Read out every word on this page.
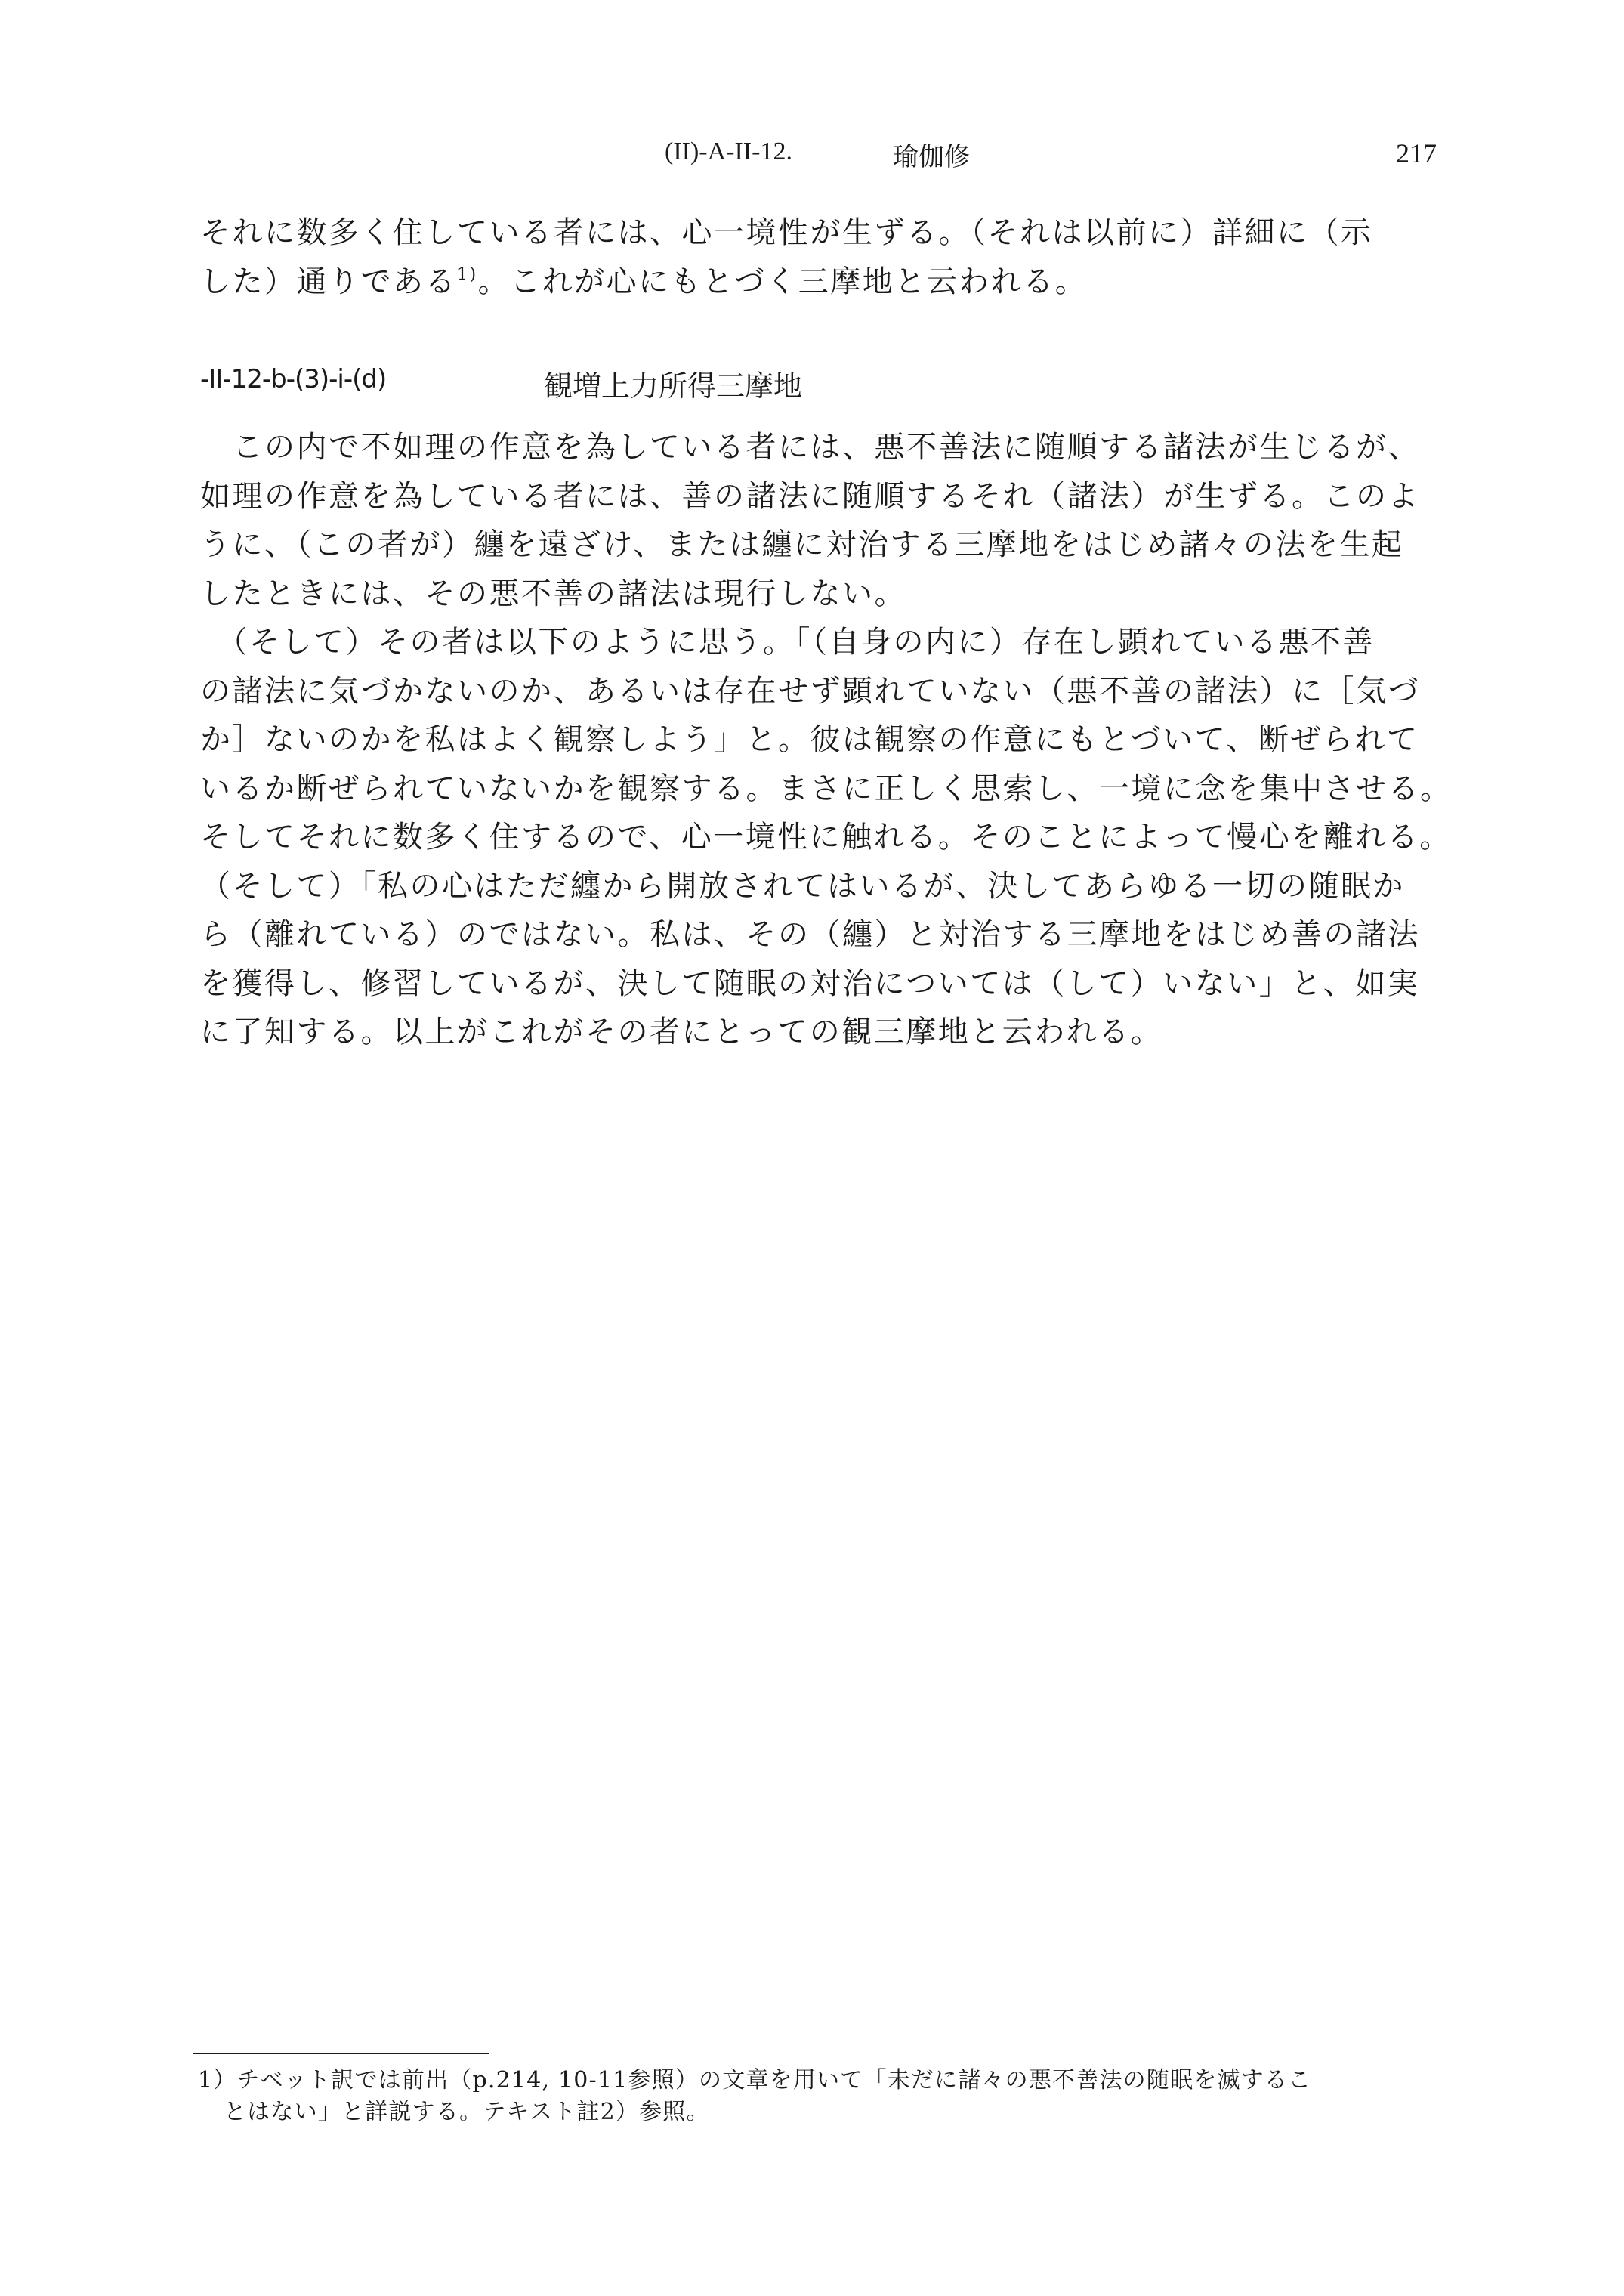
(II)-A-II-12.	瑜伽修	217
それに数多く住している者には、心一境性が生ずる。（それは以前に）詳細に（示
した）通りである$^{1)}$。これが心にもとづく三摩地と云われる。
-II-12-b-(3)-i-(d)	観増上力所得三摩地
　この内で不如理の作意を為している者には、悪不善法に随順する諸法が生じるが、
如理の作意を為している者には、善の諸法に随順するそれ（諸法）が生ずる。このよ
うに、（この者が）纏を遠ざけ、または纏に対治する三摩地をはじめ諸々の法を生起
したときには、その悪不善の諸法は現行しない。
　（そして）その者は以下のように思う。「（自身の内に）存在し顕れている悪不善
の諸法に気づかないのか、あるいは存在せず顕れていない（悪不善の諸法）に［気づ
か］ないのかを私はよく観察しよう」と。彼は観察の作意にもとづいて、断ぜられて
いるか断ぜられていないかを観察する。まさに正しく思索し、一境に念を集中させる。
そしてそれに数多く住するので、心一境性に触れる。そのことによって慢心を離れる。
（そして）「私の心はただ纏から開放されてはいるが、決してあらゆる一切の随眠か
ら（離れている）のではない。私は、その（纏）と対治する三摩地をはじめ善の諸法
を獲得し、修習しているが、決して随眠の対治については（して）いない」と、如実
に了知する。以上がこれがその者にとっての観三摩地と云われる。
1）チベット訳では前出（p.214, 10-11参照）の文章を用いて「未だに諸々の悪不善法の随眠を滅するこ
とはない」と詳説する。テキスト註2）参照。
